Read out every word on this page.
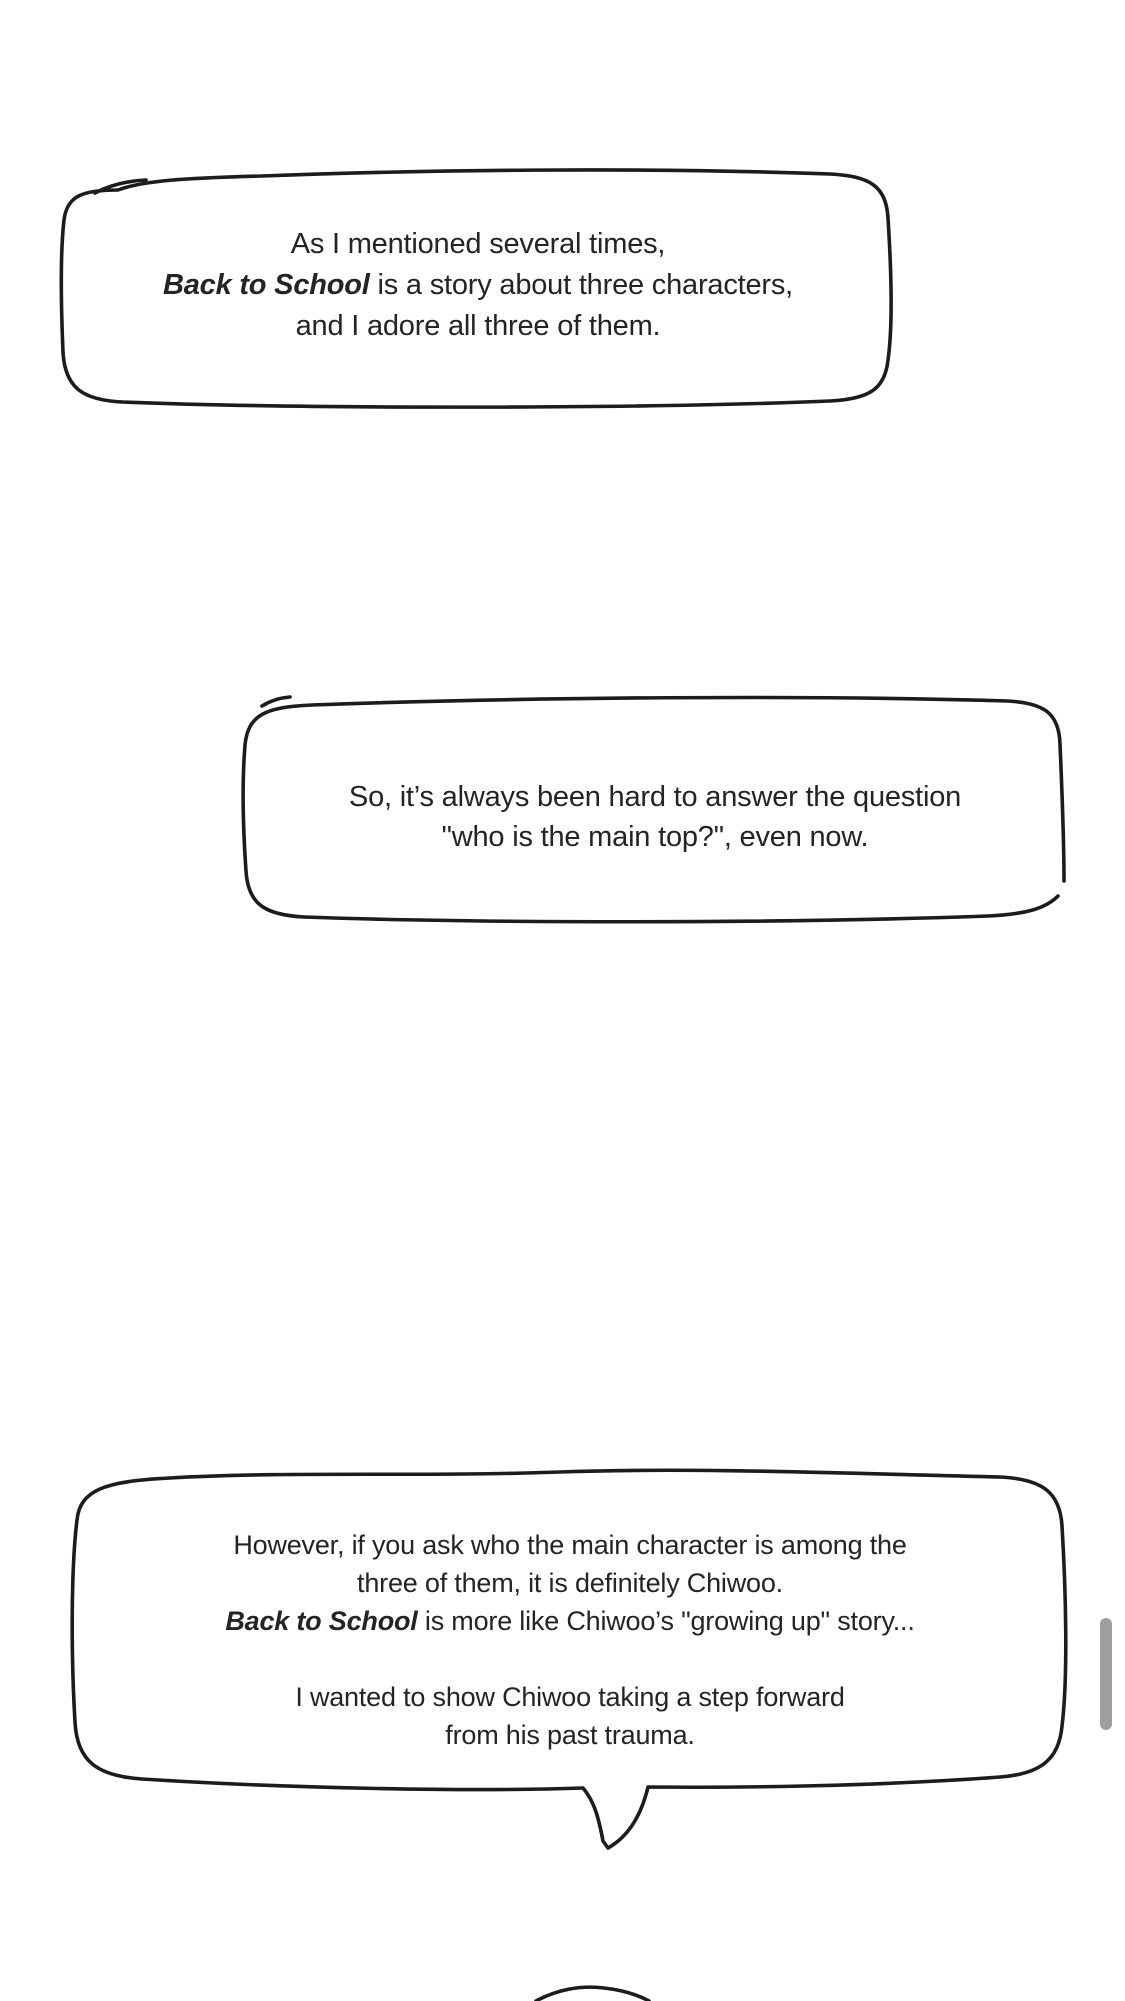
As I mentioned several times,
Back to School is a story about three characters,
and I adore all three of them.
So, it’s always been hard to answer the question
"who is the main top?", even now.
However, if you ask who the main character is among the
three of them, it is definitely Chiwoo.
Back to School is more like Chiwoo’s "growing up" story...
I wanted to show Chiwoo taking a step forward
from his past trauma.
